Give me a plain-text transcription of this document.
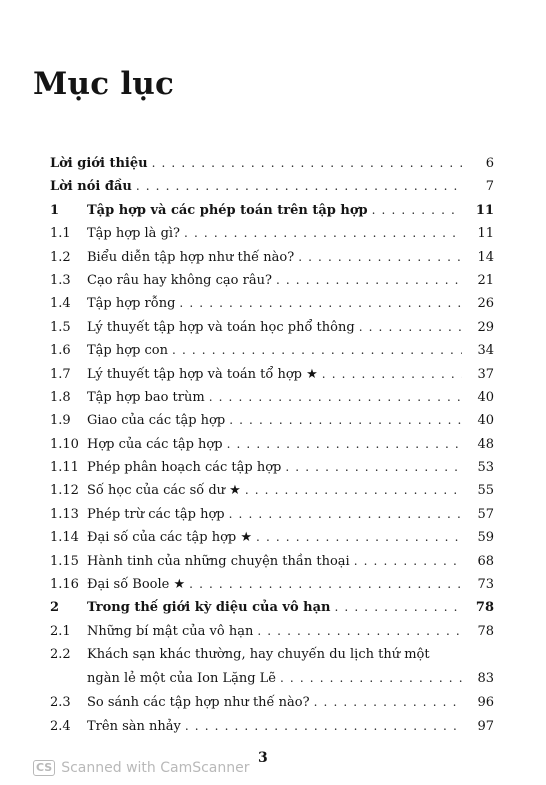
Mục lục
Lời giới thiệu . . .	6
Lời nói đầu . . .	7
1 Tập hợp và các phép toán trên tập hợp . . .	11
1.1 Tập hợp là gì? . . .	11
1.2 Biểu diễn tập hợp như thế nào? . . .	14
1.3 Cạo râu hay không cạo râu? . . .	21
1.4 Tập hợp rỗng . . .	26
1.5 Lý thuyết tập hợp và toán học phổ thông . . .	29
1.6 Tập hợp con . . .	34
1.7 Lý thuyết tập hợp và toán tổ hợp ★ . . .	37
1.8 Tập hợp bao trùm . . .	40
1.9 Giao của các tập hợp . . .	40
1.10 Hợp của các tập hợp . . .	48
1.11 Phép phân hoạch các tập hợp . . .	53
1.12 Số học của các số dư ★ . . .	55
1.13 Phép trừ các tập hợp . . .	57
1.14 Đại số của các tập hợp ★ . . .	59
1.15 Hành tinh của những chuyện thần thoại . . .	68
1.16 Đại số Boole ★ . . .	73
2 Trong thế giới kỳ diệu của vô hạn . . .	78
2.1 Những bí mật của vô hạn . . .	78
2.2 Khách sạn khác thường, hay chuyến du lịch thứ một
ngàn lẻ một của Ion Lặng Lẽ . . .	83
2.3 So sánh các tập hợp như thế nào? . . .	96
2.4 Trên sàn nhảy . . .	97
3
CS Scanned with CamScanner
